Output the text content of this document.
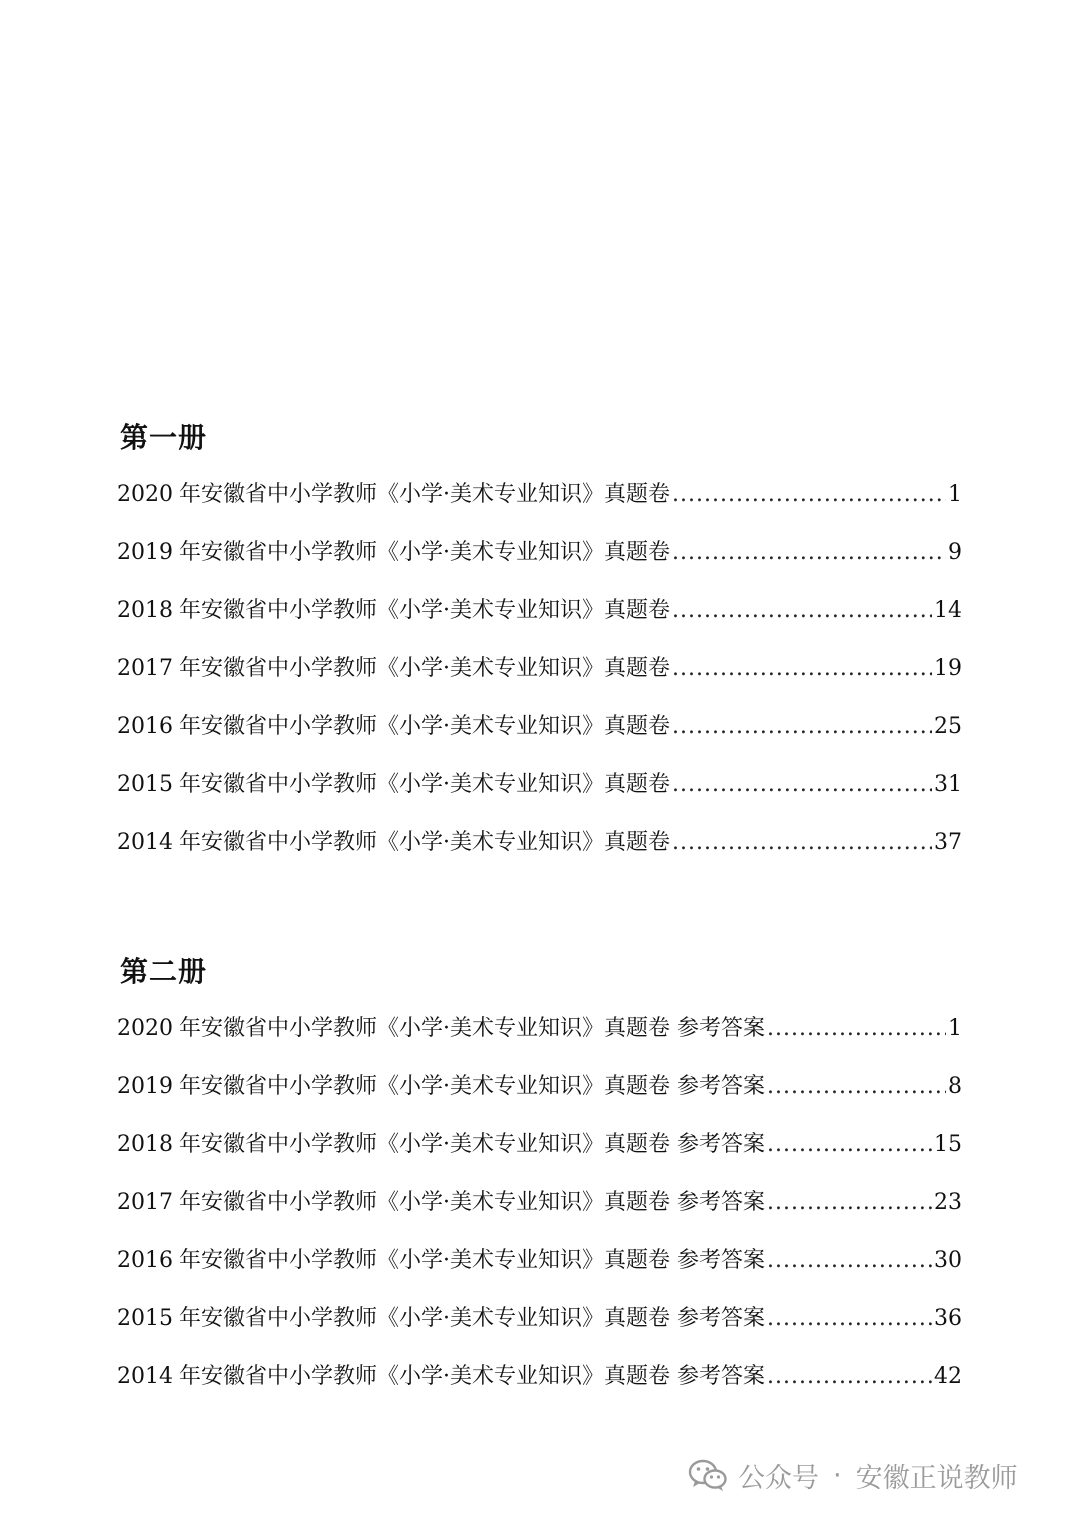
第一册
2020 年安徽省中小学教师《小学·美术专业知识》真题卷 .....	1
2019 年安徽省中小学教师《小学·美术专业知识》真题卷 .....	9
2018 年安徽省中小学教师《小学·美术专业知识》真题卷 .....	14
2017 年安徽省中小学教师《小学·美术专业知识》真题卷 .....	19
2016 年安徽省中小学教师《小学·美术专业知识》真题卷 .....	25
2015 年安徽省中小学教师《小学·美术专业知识》真题卷 .....	31
2014 年安徽省中小学教师《小学·美术专业知识》真题卷 .....	37
第二册
2020 年安徽省中小学教师《小学·美术专业知识》真题卷 参考答案 .....	1
2019 年安徽省中小学教师《小学·美术专业知识》真题卷 参考答案 .....	8
2018 年安徽省中小学教师《小学·美术专业知识》真题卷 参考答案 .....	15
2017 年安徽省中小学教师《小学·美术专业知识》真题卷 参考答案 .....	23
2016 年安徽省中小学教师《小学·美术专业知识》真题卷 参考答案 .....	30
2015 年安徽省中小学教师《小学·美术专业知识》真题卷 参考答案 .....	36
2014 年安徽省中小学教师《小学·美术专业知识》真题卷 参考答案 .....	42
公众号 · 安徽正说教师
